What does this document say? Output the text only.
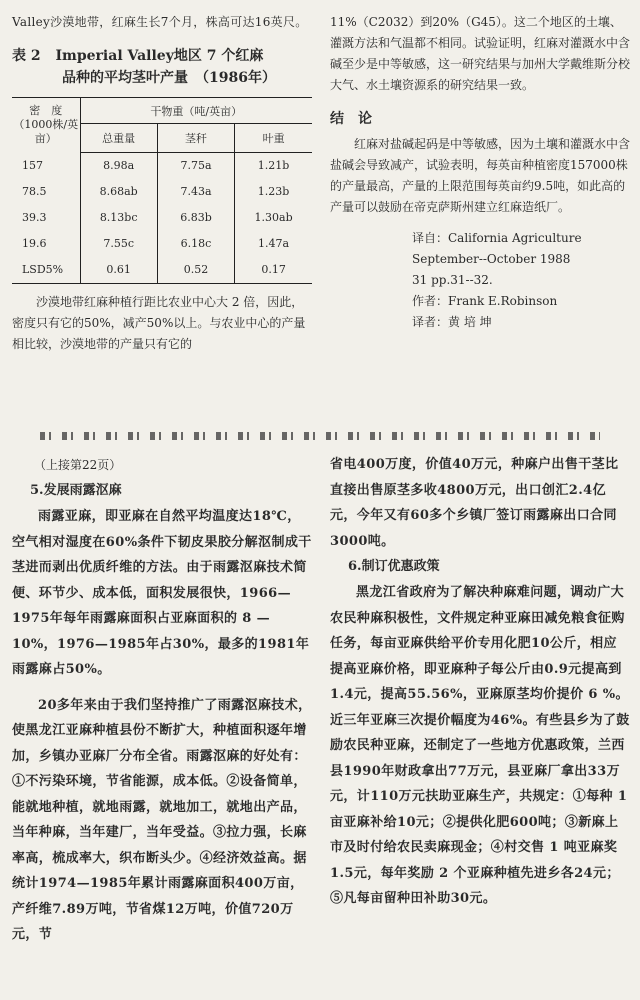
Valley沙漠地带，红麻生长7个月，株高可达16英尺。

表 2 Imperial Valley地区 7 个红麻
品种的平均茎叶产量　（1986年）
密　度（1000株/英亩）	干物重（吨/英亩）		
	总重量	茎秆	叶重
157	8.98a	7.75a	1.21b
78.5	8.68ab	7.43a	1.23b
39.3	8.13bc	6.83b	1.30ab
19.6	7.55c	6.18c	1.47a
LSD5%	0.61	0.52	0.17

沙漠地带红麻种植行距比农业中心大 2 倍，因此，密度只有它的50%，减产50%以上。与农业中心的产量相比较，沙漠地带的产量只有它的

11%（C2032）到20%（G45）。这二个地区的土壤、灌溉方法和气温都不相同。试验证明，红麻对灌溉水中含碱至少是中等敏感，这一研究结果与加州大学戴维斯分校大气、水土壤资源系的研究结果一致。

结　论

红麻对盐碱起码是中等敏感，因为土壤和灌溉水中含盐碱会导致减产，试验表明，每英亩种植密度157000株的产量最高，产量的上限范围每英亩约9.5吨，如此高的产量可以鼓励在帝克萨斯州建立红麻造纸厂。

译自：California Agriculture
September--October 1988
31 pp.31--32.
作者：Frank E.Robinson
译者：黄 培 坤
（上接第22页）
5.发展雨露沤麻

雨露亚麻，即亚麻在自然平均温度达18℃，空气相对湿度在60%条件下韧皮果胶分解沤制成干茎进而剥出优质纤维的方法。由于雨露沤麻技术简便、环节少、成本低，面积发展很快，1966—1975年每年雨露麻面积占亚麻面积的 8 —10%，1976—1985年占30%，最多的1981年雨露麻占50%。

20多年来由于我们坚持推广了雨露沤麻技术，使黑龙江亚麻种植县份不断扩大，种植面积逐年增加，乡镇办亚麻厂分布全省。雨露沤麻的好处有：①不污染环境，节省能源，成本低。②设备简单，能就地种植，就地雨露，就地加工，就地出产品，当年种麻，当年建厂，当年受益。③拉力强，长麻率高，梳成率大，织布断头少。④经济效益高。据统计1974—1985年累计雨露麻面积400万亩，产纤维7.89万吨，节省煤12万吨，价值720万元，节

省电400万度，价值40万元，种麻户出售干茎比直接出售原茎多收4800万元，出口创汇2.4亿元，今年又有60多个乡镇厂签订雨露麻出口合同3000吨。

6.制订优惠政策

黑龙江省政府为了解决种麻难问题，调动广大农民种麻积极性，文件规定种亚麻田减免粮食征购任务，每亩亚麻供给平价专用化肥10公斤，相应提高亚麻价格，即亚麻种子每公斤由0.9元提高到1.4元，提高55.56%，亚麻原茎均价提价 6 %。近三年亚麻三次提价幅度为46%。有些县乡为了鼓励农民种亚麻，还制定了一些地方优惠政策，兰西县1990年财政拿出77万元，县亚麻厂拿出33万元，计110万元扶助亚麻生产，共规定：①每种 1 亩亚麻补给10元；②提供化肥600吨；③新麻上市及时付给农民卖麻现金；④村交售 1 吨亚麻奖1.5元，每年奖励 2 个亚麻种植先进乡各24元；⑤凡每亩留种田补助30元。
